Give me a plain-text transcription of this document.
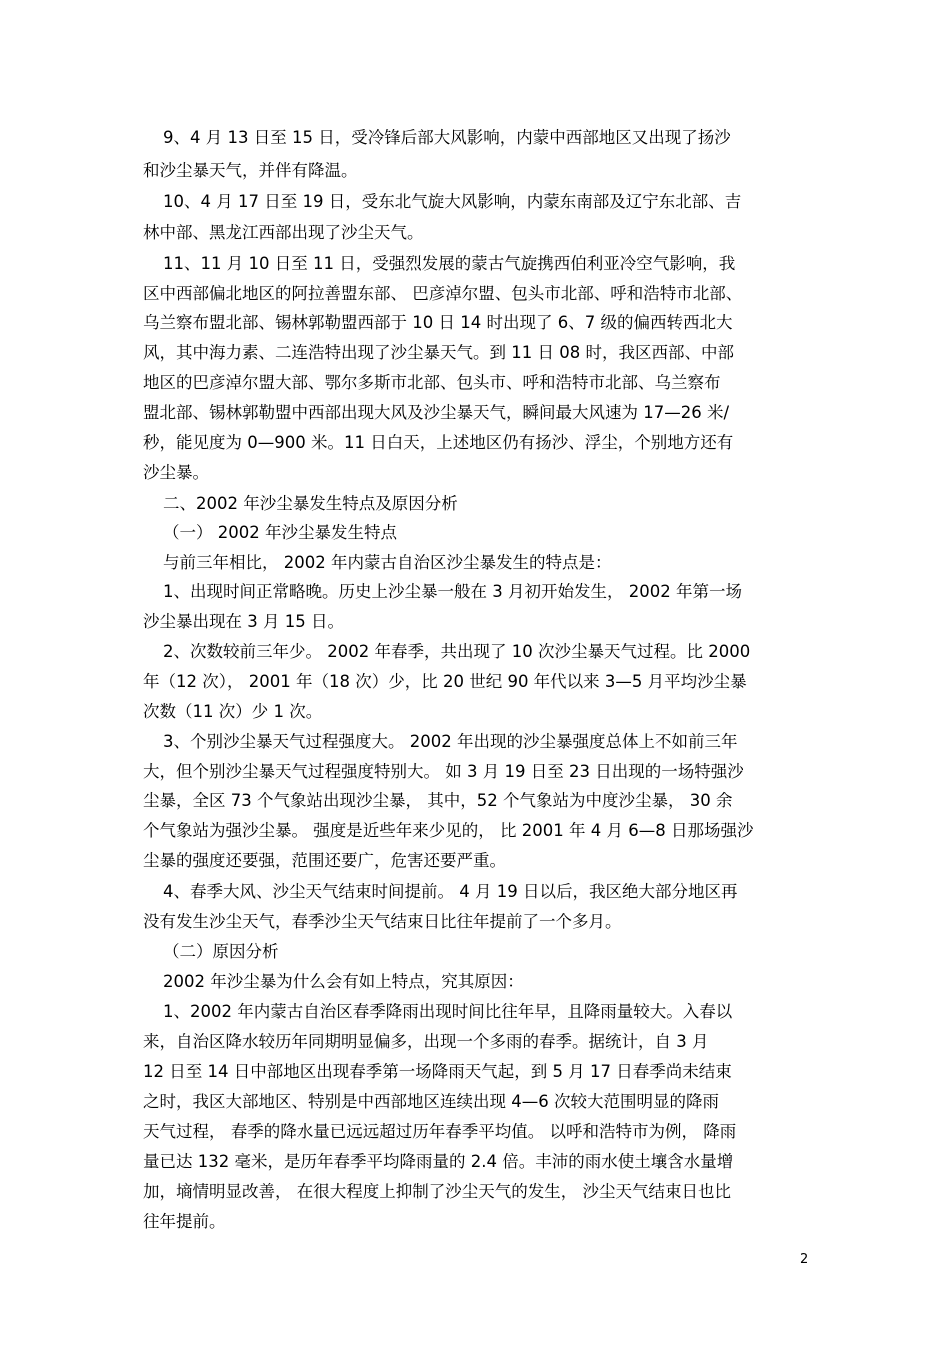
9、4 月 13 日至 15 日，受冷锋后部大风影响，内蒙中西部地区又出现了扬沙
和沙尘暴天气，并伴有降温。
10、4 月 17 日至 19 日，受东北气旋大风影响，内蒙东南部及辽宁东北部、吉
林中部、黑龙江西部出现了沙尘天气。
11、11 月 10 日至 11 日，受强烈发展的蒙古气旋携西伯利亚冷空气影响，我
区中西部偏北地区的阿拉善盟东部、 巴彦淖尔盟、包头市北部、呼和浩特市北部、
乌兰察布盟北部、锡林郭勒盟西部于 10 日 14 时出现了 6、7 级的偏西转西北大
风，其中海力素、二连浩特出现了沙尘暴天气。到 11 日 08 时，我区西部、中部
地区的巴彦淖尔盟大部、鄂尔多斯市北部、包头市、呼和浩特市北部、乌兰察布
盟北部、锡林郭勒盟中西部出现大风及沙尘暴天气，瞬间最大风速为 17—26 米/
秒，能见度为 0—900 米。11 日白天，上述地区仍有扬沙、浮尘，个别地方还有
沙尘暴。
二、2002 年沙尘暴发生特点及原因分析
（一） 2002 年沙尘暴发生特点
与前三年相比， 2002 年内蒙古自治区沙尘暴发生的特点是：
1、出现时间正常略晚。历史上沙尘暴一般在 3 月初开始发生， 2002 年第一场
沙尘暴出现在 3 月 15 日。
2、次数较前三年少。 2002 年春季，共出现了 10 次沙尘暴天气过程。比 2000
年（12 次）， 2001 年（18 次）少，比 20 世纪 90 年代以来 3—5 月平均沙尘暴
次数（11 次）少 1 次。
3、个别沙尘暴天气过程强度大。 2002 年出现的沙尘暴强度总体上不如前三年
大，但个别沙尘暴天气过程强度特别大。 如 3 月 19 日至 23 日出现的一场特强沙
尘暴，全区 73 个气象站出现沙尘暴， 其中，52 个气象站为中度沙尘暴， 30 余
个气象站为强沙尘暴。 强度是近些年来少见的， 比 2001 年 4 月 6—8 日那场强沙
尘暴的强度还要强，范围还要广，危害还要严重。
4、春季大风、沙尘天气结束时间提前。 4 月 19 日以后，我区绝大部分地区再
没有发生沙尘天气，春季沙尘天气结束日比往年提前了一个多月。
（二）原因分析
2002 年沙尘暴为什么会有如上特点，究其原因：
1、2002 年内蒙古自治区春季降雨出现时间比往年早，且降雨量较大。入春以
来，自治区降水较历年同期明显偏多，出现一个多雨的春季。据统计，自 3 月
12 日至 14 日中部地区出现春季第一场降雨天气起，到 5 月 17 日春季尚未结束
之时，我区大部地区、特别是中西部地区连续出现 4—6 次较大范围明显的降雨
天气过程， 春季的降水量已远远超过历年春季平均值。 以呼和浩特市为例， 降雨
量已达 132 毫米，是历年春季平均降雨量的 2.4 倍。丰沛的雨水使土壤含水量增
加，墒情明显改善， 在很大程度上抑制了沙尘天气的发生， 沙尘天气结束日也比
往年提前。
2
